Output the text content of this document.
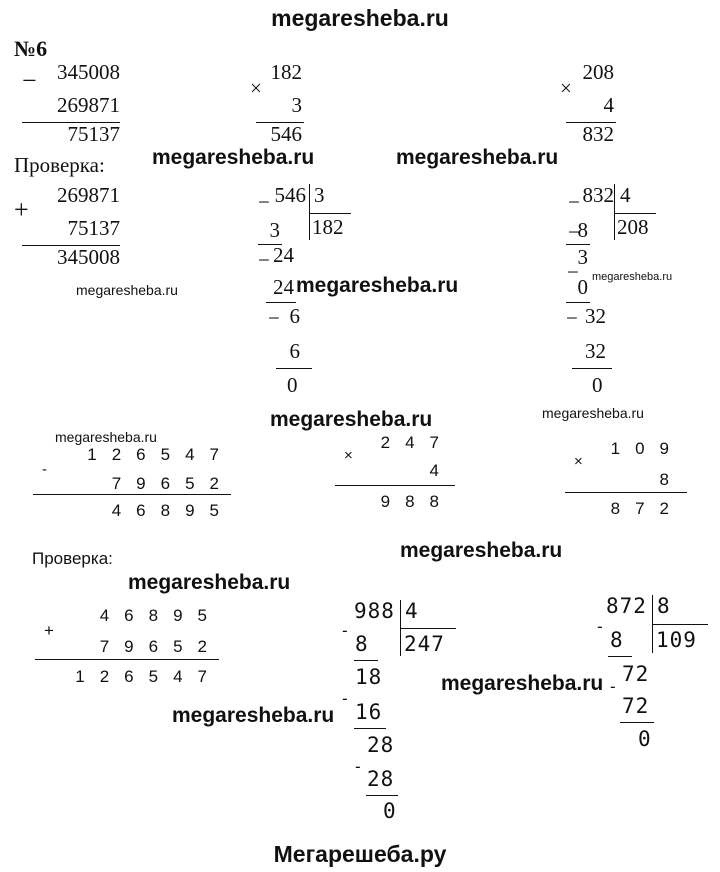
megaresheba.ru
№6
− 345008
269871
75137
×
182
3
546
×
208
4
832
megaresheba.ru	megaresheba.ru
Проверка:
+	269871
75137
345008
megaresheba.ru
− 546 3
182
3
− 24
24
− 6
6
0
megaresheba.ru
− 832 4
208
−
8
3
−
0
− 32
32
0
megaresheba.ru
megaresheba.ru	megaresheba.ru
megaresheba.ru
-
126547
79652
46895
×
247
4
988
×
109
8
872
Проверка:	megaresheba.ru
megaresheba.ru
+
46895
79652
126547
988 4
247
-
8
18
-
16
28
-
28
0
megaresheba.ru
megaresheba.ru
872 8
109
-
8
-
72
72
0
Мегарешеба.ру
